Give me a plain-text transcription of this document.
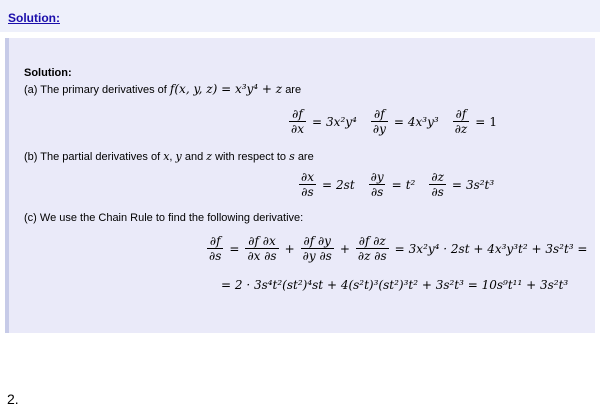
Solution:
Solution:
(a) The primary derivatives of f(x, y, z) = x³y⁴ + z are
$\frac{\partial f}{\partial x} = 3x^2y^4 \frac{\partial f}{\partial y} = 4x^3y^3 \frac{\partial f}{\partial z} = 1$
(b) The partial derivatives of x, y and z with respect to s are
$\frac{\partial x}{\partial s} = 2st \frac{\partial y}{\partial s} = t^2 \frac{\partial z}{\partial s} = 3s^2t^3$
(c) We use the Chain Rule to find the following derivative:
$\frac{\partial f}{\partial s} = \frac{\partial f \partial x}{\partial x \partial s} + \frac{\partial f \partial y}{\partial y \partial s} + \frac{\partial f \partial z}{\partial z \partial s} = 3x^2y^4 \cdot 2st + 4x^3y^3t^2 + 3s^2t^3$ =
= 2 · 3s⁴t²(st²)⁴st + 4(s²t)³(st²)³t² + 3s²t³ = 10s⁹t¹¹ + 3s²t³
2.
